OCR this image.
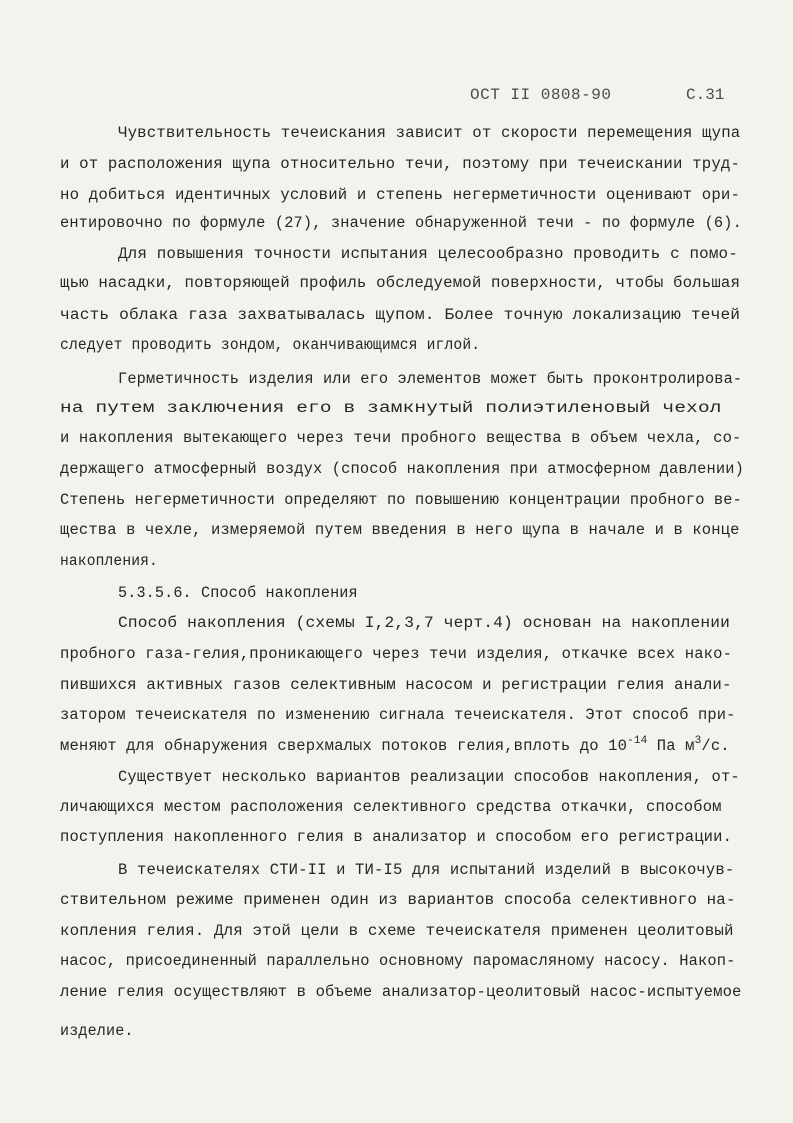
ОСТ II 0808-90	С.31
Чувствительность течеискания зависит от скорости перемещения щупа
и от расположения щупа относительно течи, поэтому при течеискании труд-
но добиться идентичных условий и степень негерметичности оценивают ори-
ентировочно по формуле (27), значение обнаруженной течи - по формуле (6).
Для повышения точности испытания целесообразно проводить с помо-
щью насадки, повторяющей профиль обследуемой поверхности, чтобы большая
часть облака газа захватывалась щупом. Более точную локализацию течей
следует проводить зондом, оканчивающимся иглой.
Герметичность изделия или его элементов может быть проконтролирова-
на путем заключения его в замкнутый полиэтиленовый чехол
и накопления вытекающего через течи пробного вещества в объем чехла, со-
держащего атмосферный воздух (способ накопления при атмосферном давлении)
Степень негерметичности определяют по повышению концентрации пробного ве-
щества в чехле, измеряемой путем введения в него щупа в начале и в конце
накопления.
5.3.5.6. Способ накопления
Способ накопления (схемы I,2,3,7 черт.4) основан на накоплении
пробного газа-гелия,проникающего через течи изделия, откачке всех нако-
пившихся активных газов селективным насосом и регистрации гелия анали-
затором течеискателя по изменению сигнала течеискателя. Этот способ при-
меняют для обнаружения сверхмалых потоков гелия,вплоть до $10^{-14}$ Па $м^3/с$.
Существует несколько вариантов реализации способов накопления, от-
личающихся местом расположения селективного средства откачки, способом
поступления накопленного гелия в анализатор и способом его регистрации.
В течеискателях СТИ-II и ТИ-I5 для испытаний изделий в высокочув-
ствительном режиме применен один из вариантов способа селективного на-
копления гелия. Для этой цели в схеме течеискателя применен цеолитовый
насос, присоединенный параллельно основному паромасляному насосу. Накоп-
ление гелия осуществляют в объеме анализатор-цеолитовый насос-испытуемое
изделие.
